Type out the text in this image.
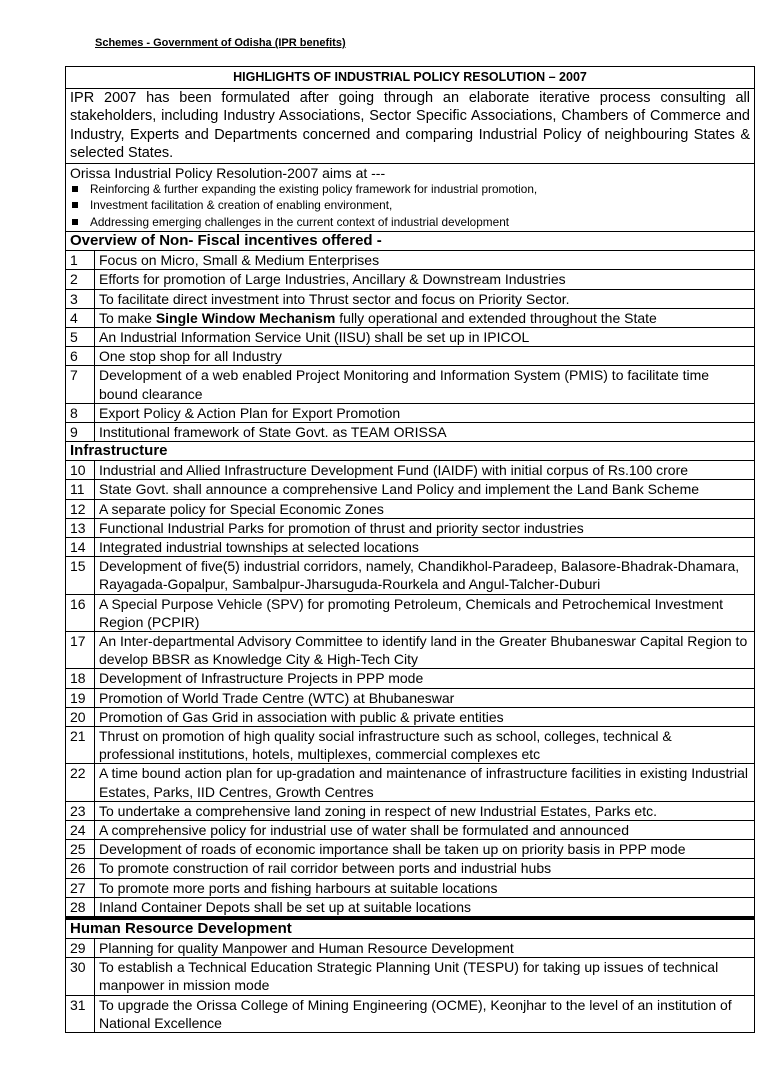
Schemes - Government of Odisha (IPR benefits)
HIGHLIGHTS OF INDUSTRIAL POLICY RESOLUTION – 2007	
IPR 2007 has been formulated after going through an elaborate iterative process consulting all stakeholders, including Industry Associations, Sector Specific Associations, Chambers of Commerce and Industry, Experts and Departments concerned and comparing Industrial Policy of neighbouring States & selected States.	

Orissa Industrial Policy Resolution-2007 aims at ---
Reinforcing & further expanding the existing policy framework for industrial promotion,
Investment facilitation & creation of enabling environment,
Addressing emerging challenges in the current context of industrial development	

Overview of Non- Fiscal incentives offered -	
1	Focus on Micro, Small & Medium Enterprises
2	Efforts for promotion of Large Industries, Ancillary & Downstream Industries
3	To facilitate direct investment into Thrust sector and focus on Priority Sector.
4	To make Single Window Mechanism fully operational and extended throughout the State
5	An Industrial Information Service Unit (IISU) shall be set up in IPICOL
6	One stop shop for all Industry
7	Development of a web enabled Project Monitoring and Information System (PMIS) to facilitate time bound clearance
8	Export Policy & Action Plan for Export Promotion
9	Institutional framework of State Govt. as TEAM ORISSA
Infrastructure	
10	Industrial and Allied Infrastructure Development Fund (IAIDF) with initial corpus of Rs.100 crore
11	State Govt. shall announce a comprehensive Land Policy and implement the Land Bank Scheme
12	A separate policy for Special Economic Zones
13	Functional Industrial Parks for promotion of thrust and priority sector industries
14	Integrated industrial townships at selected locations
15	Development of five(5) industrial corridors, namely, Chandikhol-Paradeep, Balasore-Bhadrak-Dhamara, Rayagada-Gopalpur, Sambalpur-Jharsuguda-Rourkela and Angul-Talcher-Duburi
16	A Special Purpose Vehicle (SPV) for promoting Petroleum, Chemicals and Petrochemical Investment Region (PCPIR)
17	An Inter-departmental Advisory Committee to identify land in the Greater Bhubaneswar Capital Region to develop BBSR as Knowledge City & High-Tech City
18	Development of Infrastructure Projects in PPP mode
19	Promotion of World Trade Centre (WTC) at Bhubaneswar
20	Promotion of Gas Grid in association with public & private entities
21	Thrust on promotion of high quality social infrastructure such as school, colleges, technical & professional institutions, hotels, multiplexes, commercial complexes etc
22	A time bound action plan for up-gradation and maintenance of infrastructure facilities in existing Industrial Estates, Parks, IID Centres, Growth Centres
23	To undertake a comprehensive land zoning in respect of new Industrial Estates, Parks etc.
24	A comprehensive policy for industrial use of water shall be formulated and announced
25	Development of roads of economic importance shall be taken up on priority basis in PPP mode
26	To promote construction of rail corridor between ports and industrial hubs
27	To promote more ports and fishing harbours at suitable locations
28	Inland Container Depots shall be set up at suitable locations

Human Resource Development	
29	Planning for quality Manpower and Human Resource Development
30	To establish a Technical Education Strategic Planning Unit (TESPU) for taking up issues of technical manpower in mission mode
31	To upgrade the Orissa College of Mining Engineering (OCME), Keonjhar to the level of an institution of National Excellence
